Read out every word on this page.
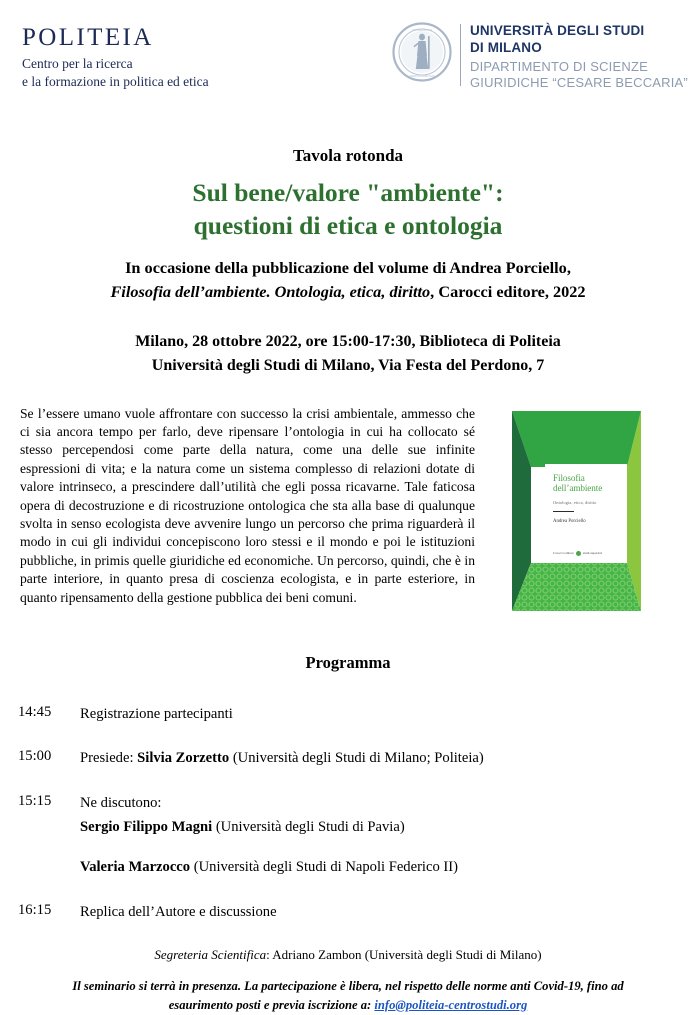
POLITEIA
Centro per la ricerca
e la formazione in politica ed etica
UNIVERSITAS
MEDIOLANENSIS
UNIVERSITÀ DEGLI STUDI
DI MILANO
DIPARTIMENTO DI SCIENZE
GIURIDICHE “CESARE BECCARIA”
Tavola rotonda
Sul bene/valore "ambiente":
questioni di etica e ontologia
In occasione della pubblicazione del volume di Andrea Porciello,
Filosofia dell’ambiente. Ontologia, etica, diritto, Carocci editore, 2022
Milano, 28 ottobre 2022, ore 15:00-17:30, Biblioteca di Politeia
Università degli Studi di Milano, Via Festa del Perdono, 7
Se l’essere umano vuole affrontare con successo la crisi ambientale, ammesso che ci sia ancora tempo per farlo, deve ripensare l’ontologia in cui ha collocato sé stesso percependosi come parte della natura, come una delle sue infinite espressioni di vita; e la natura come un sistema complesso di relazioni dotate di valore intrinseco, a prescindere dall’utilità che egli possa ricavarne. Tale faticosa opera di decostruzione e di ricostruzione ontologica che sta alla base di qualunque svolta in senso ecologista deve avvenire lungo un percorso che prima riguarderà il modo in cui gli individui concepiscono loro stessi e il mondo e poi le istituzioni pubbliche, in primis quelle giuridiche ed economiche. Un percorso, quindi, che è in parte interiore, in quanto presa di coscienza ecologista, e in parte esteriore, in quanto ripensamento della gestione pubblica dei beni comuni.
Filosofia
dell’ambiente
Ontologia, etica, diritto
Andrea Porciello
Carocci editore	studi superiori
Programma
14:45	Registrazione partecipanti
15:00	Presiede: Silvia Zorzetto (Università degli Studi di Milano; Politeia)
15:15	Ne discutono:
Sergio Filippo Magni (Università degli Studi di Pavia)
Valeria Marzocco (Università degli Studi di Napoli Federico II)
16:15	Replica dell’Autore e discussione
Segreteria Scientifica: Adriano Zambon (Università degli Studi di Milano)
Il seminario si terrà in presenza. La partecipazione è libera, nel rispetto delle norme anti Covid-19, fino ad
esaurimento posti e previa iscrizione a: info@politeia-centrostudi.org
